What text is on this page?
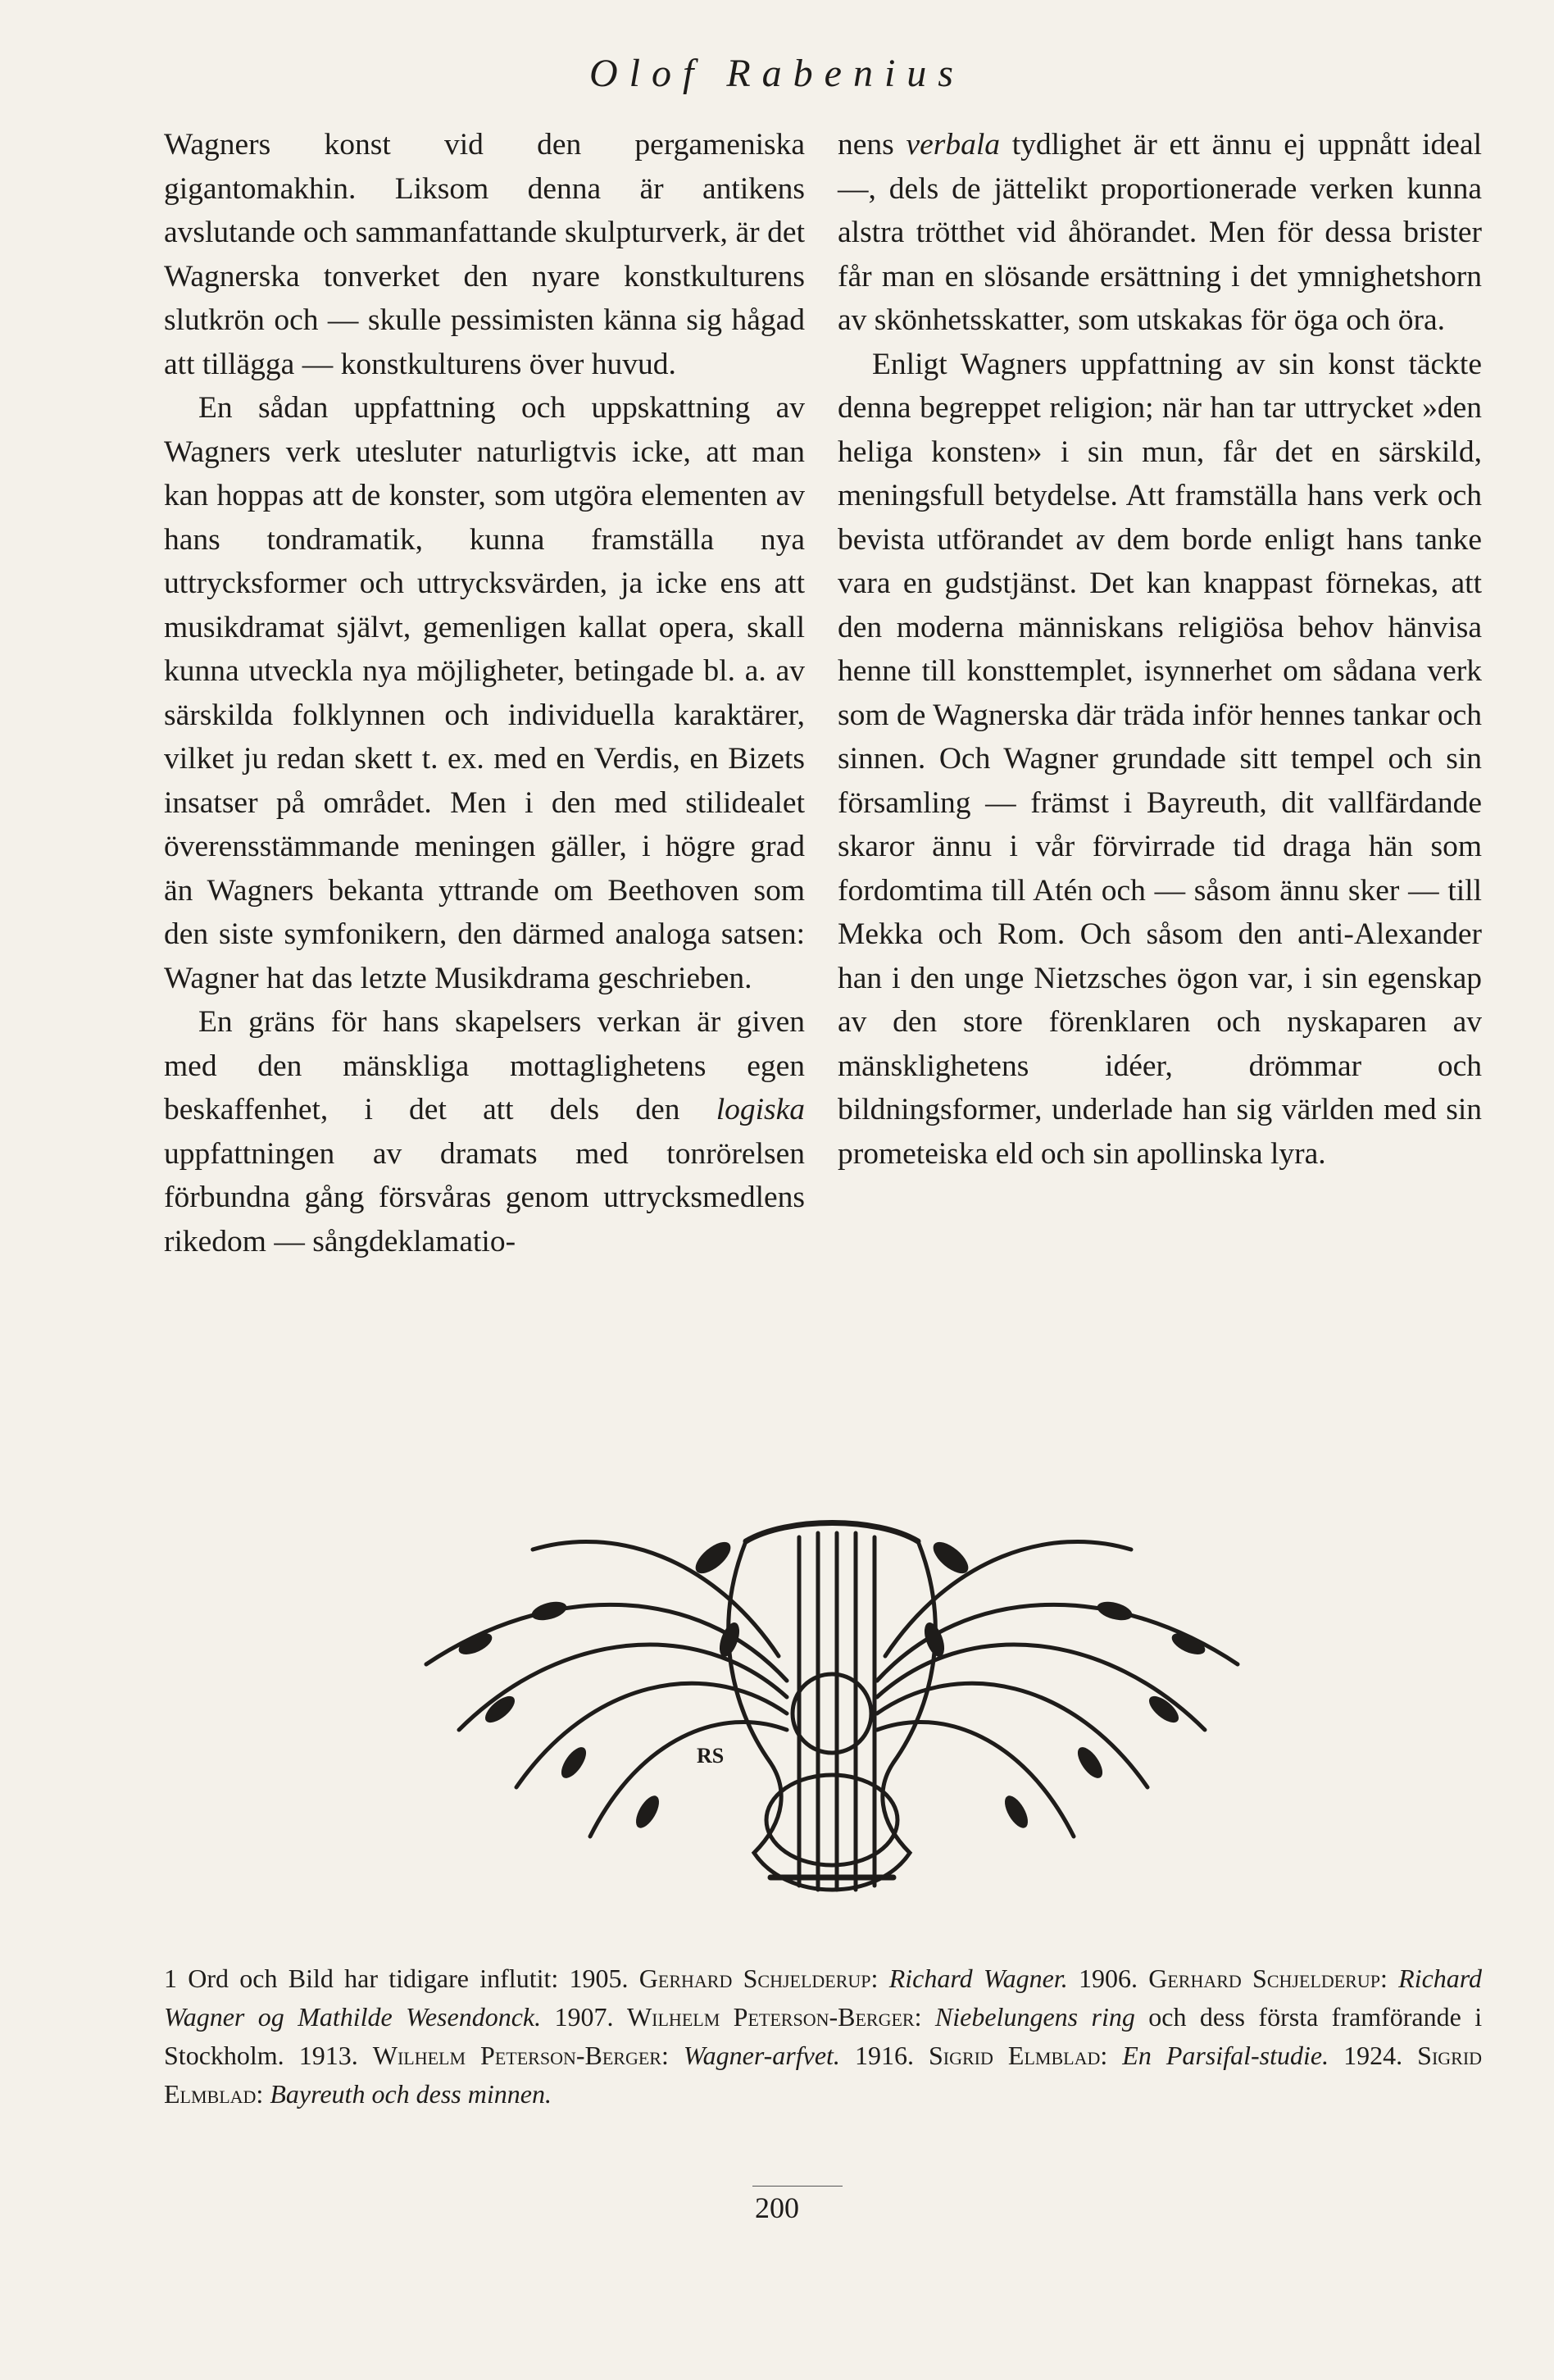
Olof Rabenius

Wagners konst vid den pergameniska gigantomakhin. Liksom denna är antikens avslutande och sammanfattande skulpturverk, är det Wagnerska tonverket den nyare konstkulturens slutkrön och — skulle pessimisten känna sig hågad att tillägga — konstkulturens över huvud.

En sådan uppfattning och uppskattning av Wagners verk utesluter naturligtvis icke, att man kan hoppas att de konster, som utgöra elementen av hans tondramatik, kunna framställa nya uttrycksformer och uttrycksvärden, ja icke ens att musikdramat självt, gemenligen kallat opera, skall kunna utveckla nya möjligheter, betingade bl. a. av särskilda folklynnen och individuella karaktärer, vilket ju redan skett t. ex. med en Verdis, en Bizets insatser på området. Men i den med stilidealet överensstämmande meningen gäller, i högre grad än Wagners bekanta yttrande om Beethoven som den siste symfonikern, den därmed analoga satsen: Wagner hat das letzte Musikdrama geschrieben.

En gräns för hans skapelsers verkan är given med den mänskliga mottaglighetens egen beskaffenhet, i det att dels den logiska uppfattningen av dramats med tonrörelsen förbundna gång försvåras genom uttrycksmedlens rikedom — sångdeklamatio-

nens verbala tydlighet är ett ännu ej uppnått ideal —, dels de jättelikt proportionerade verken kunna alstra trötthet vid åhörandet. Men för dessa brister får man en slösande ersättning i det ymnighetshorn av skönhetsskatter, som utskakas för öga och öra.

Enligt Wagners uppfattning av sin konst täckte denna begreppet religion; när han tar uttrycket »den heliga konsten» i sin mun, får det en särskild, meningsfull betydelse. Att framställa hans verk och bevista utförandet av dem borde enligt hans tanke vara en gudstjänst. Det kan knappast förnekas, att den moderna människans religiösa behov hänvisa henne till konsttemplet, isynnerhet om sådana verk som de Wagnerska där träda inför hennes tankar och sinnen. Och Wagner grundade sitt tempel och sin församling — främst i Bayreuth, dit vallfärdande skaror ännu i vår förvirrade tid draga hän som fordomtima till Atén och — såsom ännu sker — till Mekka och Rom. Och såsom den anti-Alexander han i den unge Nietzsches ögon var, i sin egenskap av den store förenklaren och nyskaparen av mänsklighetens idéer, drömmar och bildningsformer, underlade han sig världen med sin prometeiska eld och sin apollinska lyra.

RS
1 Ord och Bild har tidigare influtit: 1905. Gerhard Schjelderup: Richard Wagner. 1906. Gerhard Schjelderup: Richard Wagner og Mathilde Wesendonck. 1907. Wilhelm Peterson-Berger: Niebelungens ring och dess första framförande i Stockholm. 1913. Wilhelm Peterson-Berger: Wagner-arfvet. 1916. Sigrid Elmblad: En Parsifal-studie. 1924. Sigrid Elmblad: Bayreuth och dess minnen.
200
